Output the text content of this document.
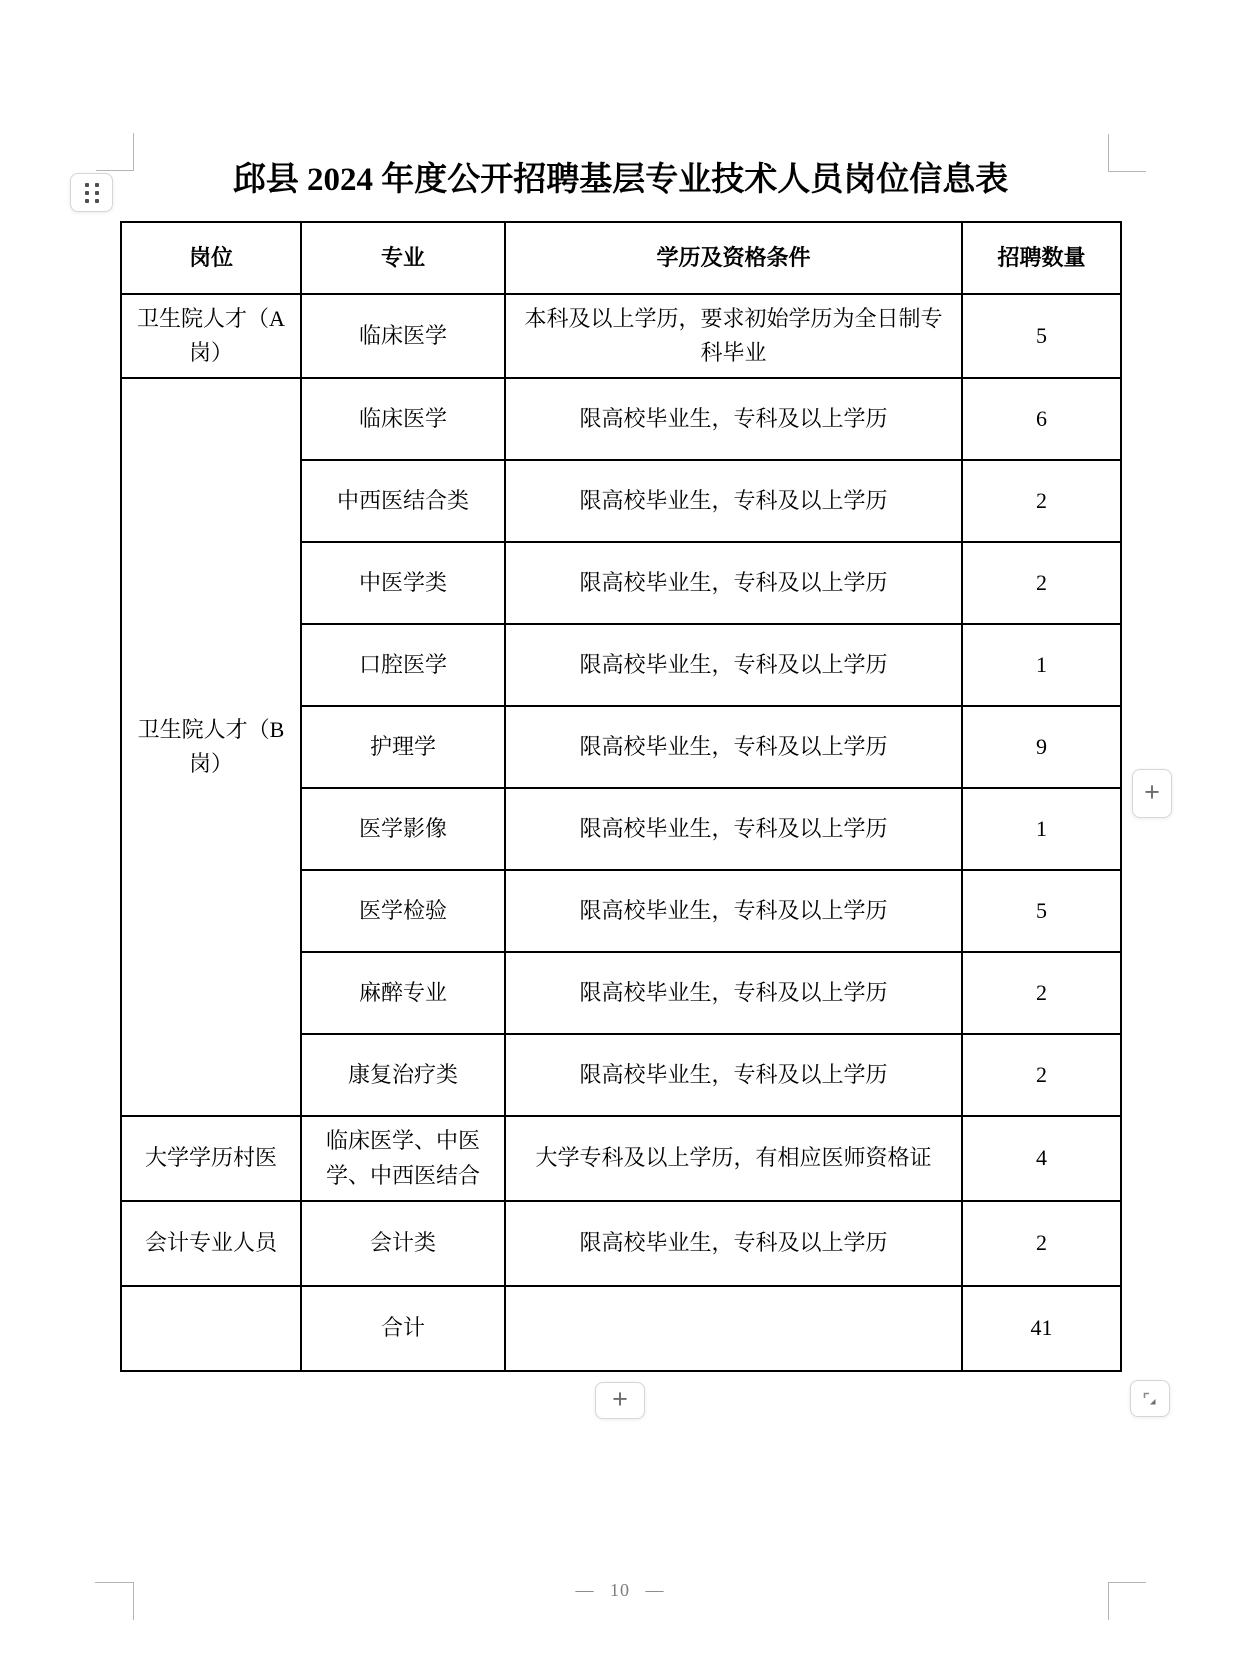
邱县 2024 年度公开招聘基层专业技术人员岗位信息表
岗位	专业	学历及资格条件	招聘数量
卫生院人才（A岗）	临床医学	本科及以上学历，要求初始学历为全日制专科毕业	5
卫生院人才（B岗）	临床医学	限高校毕业生，专科及以上学历	6
	中西医结合类	限高校毕业生，专科及以上学历	2
	中医学类	限高校毕业生，专科及以上学历	2
	口腔医学	限高校毕业生，专科及以上学历	1
	护理学	限高校毕业生，专科及以上学历	9
	医学影像	限高校毕业生，专科及以上学历	1
	医学检验	限高校毕业生，专科及以上学历	5
	麻醉专业	限高校毕业生，专科及以上学历	2
	康复治疗类	限高校毕业生，专科及以上学历	2
大学学历村医	临床医学、中医学、中西医结合	大学专科及以上学历，有相应医师资格证	4
会计专业人员	会计类	限高校毕业生，专科及以上学历	2
	合计		41
+
+
— 10 —
